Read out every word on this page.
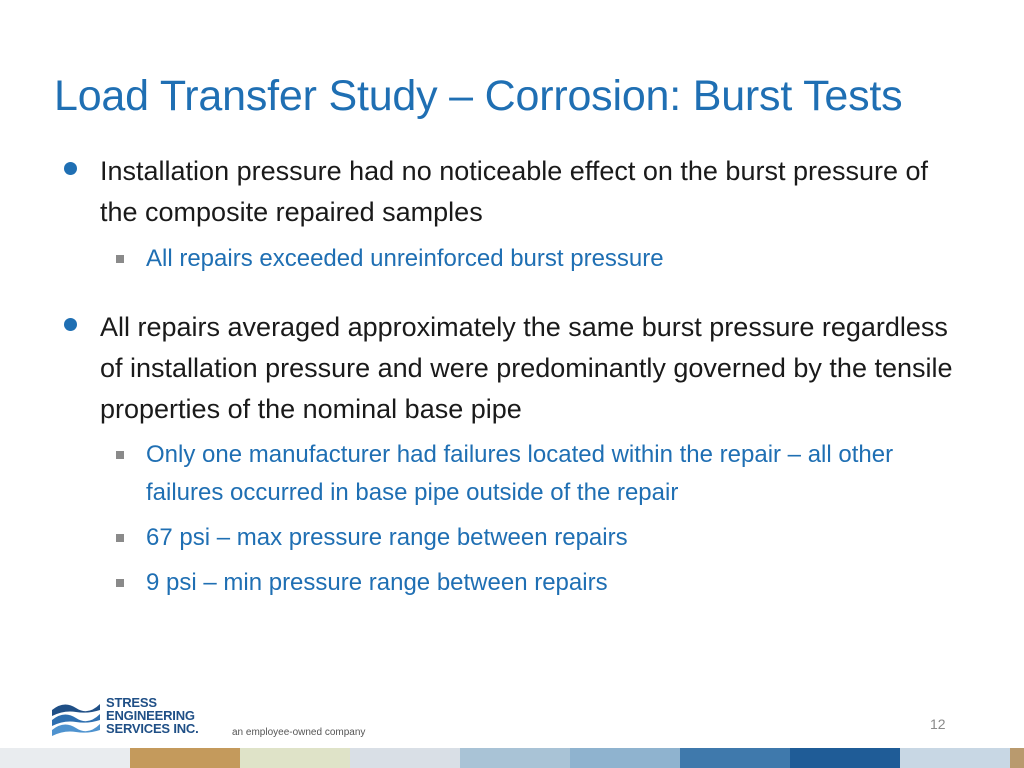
Load Transfer Study – Corrosion: Burst Tests
Installation pressure had no noticeable effect on the burst pressure of the composite repaired samples
All repairs exceeded unreinforced burst pressure
All repairs averaged approximately the same burst pressure regardless of installation pressure and were predominantly governed by the tensile properties of the nominal base pipe
Only one manufacturer had failures located within the repair – all other failures occurred in base pipe outside of the repair
67 psi – max pressure range between repairs
9 psi – min pressure range between repairs
STRESS
ENGINEERING
SERVICES INC.	an employee-owned company
12
